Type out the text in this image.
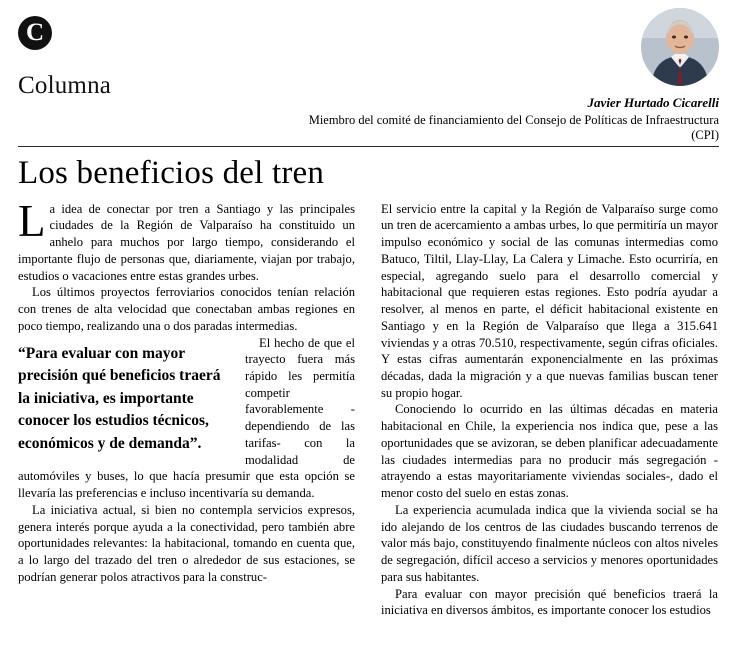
C
Columna
Javier Hurtado Cicarelli
Miembro del comité de financiamiento del Consejo de Políticas de Infraestructura (CPI)
Los beneficios del tren

La idea de conectar por tren a Santiago y las principales ciudades de la Región de Valparaíso ha constituido un anhelo para muchos por largo tiempo, considerando el importante flujo de personas que, diariamente, viajan por trabajo, estudios o vacaciones entre estas grandes urbes.

Los últimos proyectos ferroviarios conocidos tenían relación con trenes de alta velocidad que conectaban ambas regiones en poco tiempo, realizando una o dos paradas intermedias.

“Para evaluar con mayor precisión qué beneficios traerá la iniciativa, es importante conocer los estudios técnicos, económicos y de demanda”.

El hecho de que el trayecto fuera más rápido les permitía competir favorablemente -dependiendo de las tarifas- con la modalidad de automóviles y buses, lo que hacía presumir que esta opción se llevaría las preferencias e incluso incentivaría su demanda.

La iniciativa actual, si bien no contempla servicios expresos, genera interés porque ayuda a la conectividad, pero también abre oportunidades relevantes: la habitacional, tomando en cuenta que, a lo largo del trazado del tren o alrededor de sus estaciones, se podrían generar polos atractivos para la construc-

El servicio entre la capital y la Región de Valparaíso surge como un tren de acercamiento a ambas urbes, lo que permitiría un mayor impulso económico y social de las comunas intermedias como Batuco, Tiltil, Llay-Llay, La Calera y Limache. Esto ocurriría, en especial, agregando suelo para el desarrollo comercial y habitacional que requieren estas regiones. Esto podría ayudar a resolver, al menos en parte, el déficit habitacional existente en Santiago y en la Región de Valparaíso que llega a 315.641 viviendas y a otras 70.510, respectivamente, según cifras oficiales. Y estas cifras aumentarán exponencialmente en las próximas décadas, dada la migración y a que nuevas familias buscan tener su propio hogar.

Conociendo lo ocurrido en las últimas décadas en materia habitacional en Chile, la experiencia nos indica que, pese a las oportunidades que se avizoran, se deben planificar adecuadamente las ciudades intermedias para no producir más segregación -atrayendo a estas mayoritariamente viviendas sociales-, dado el menor costo del suelo en estas zonas.

La experiencia acumulada indica que la vivienda social se ha ido alejando de los centros de las ciudades buscando terrenos de valor más bajo, constituyendo finalmente núcleos con altos niveles de segregación, difícil acceso a servicios y menores oportunidades para sus habitantes.

Para evaluar con mayor precisión qué beneficios traerá la iniciativa en diversos ámbitos, es importante conocer los estudios
